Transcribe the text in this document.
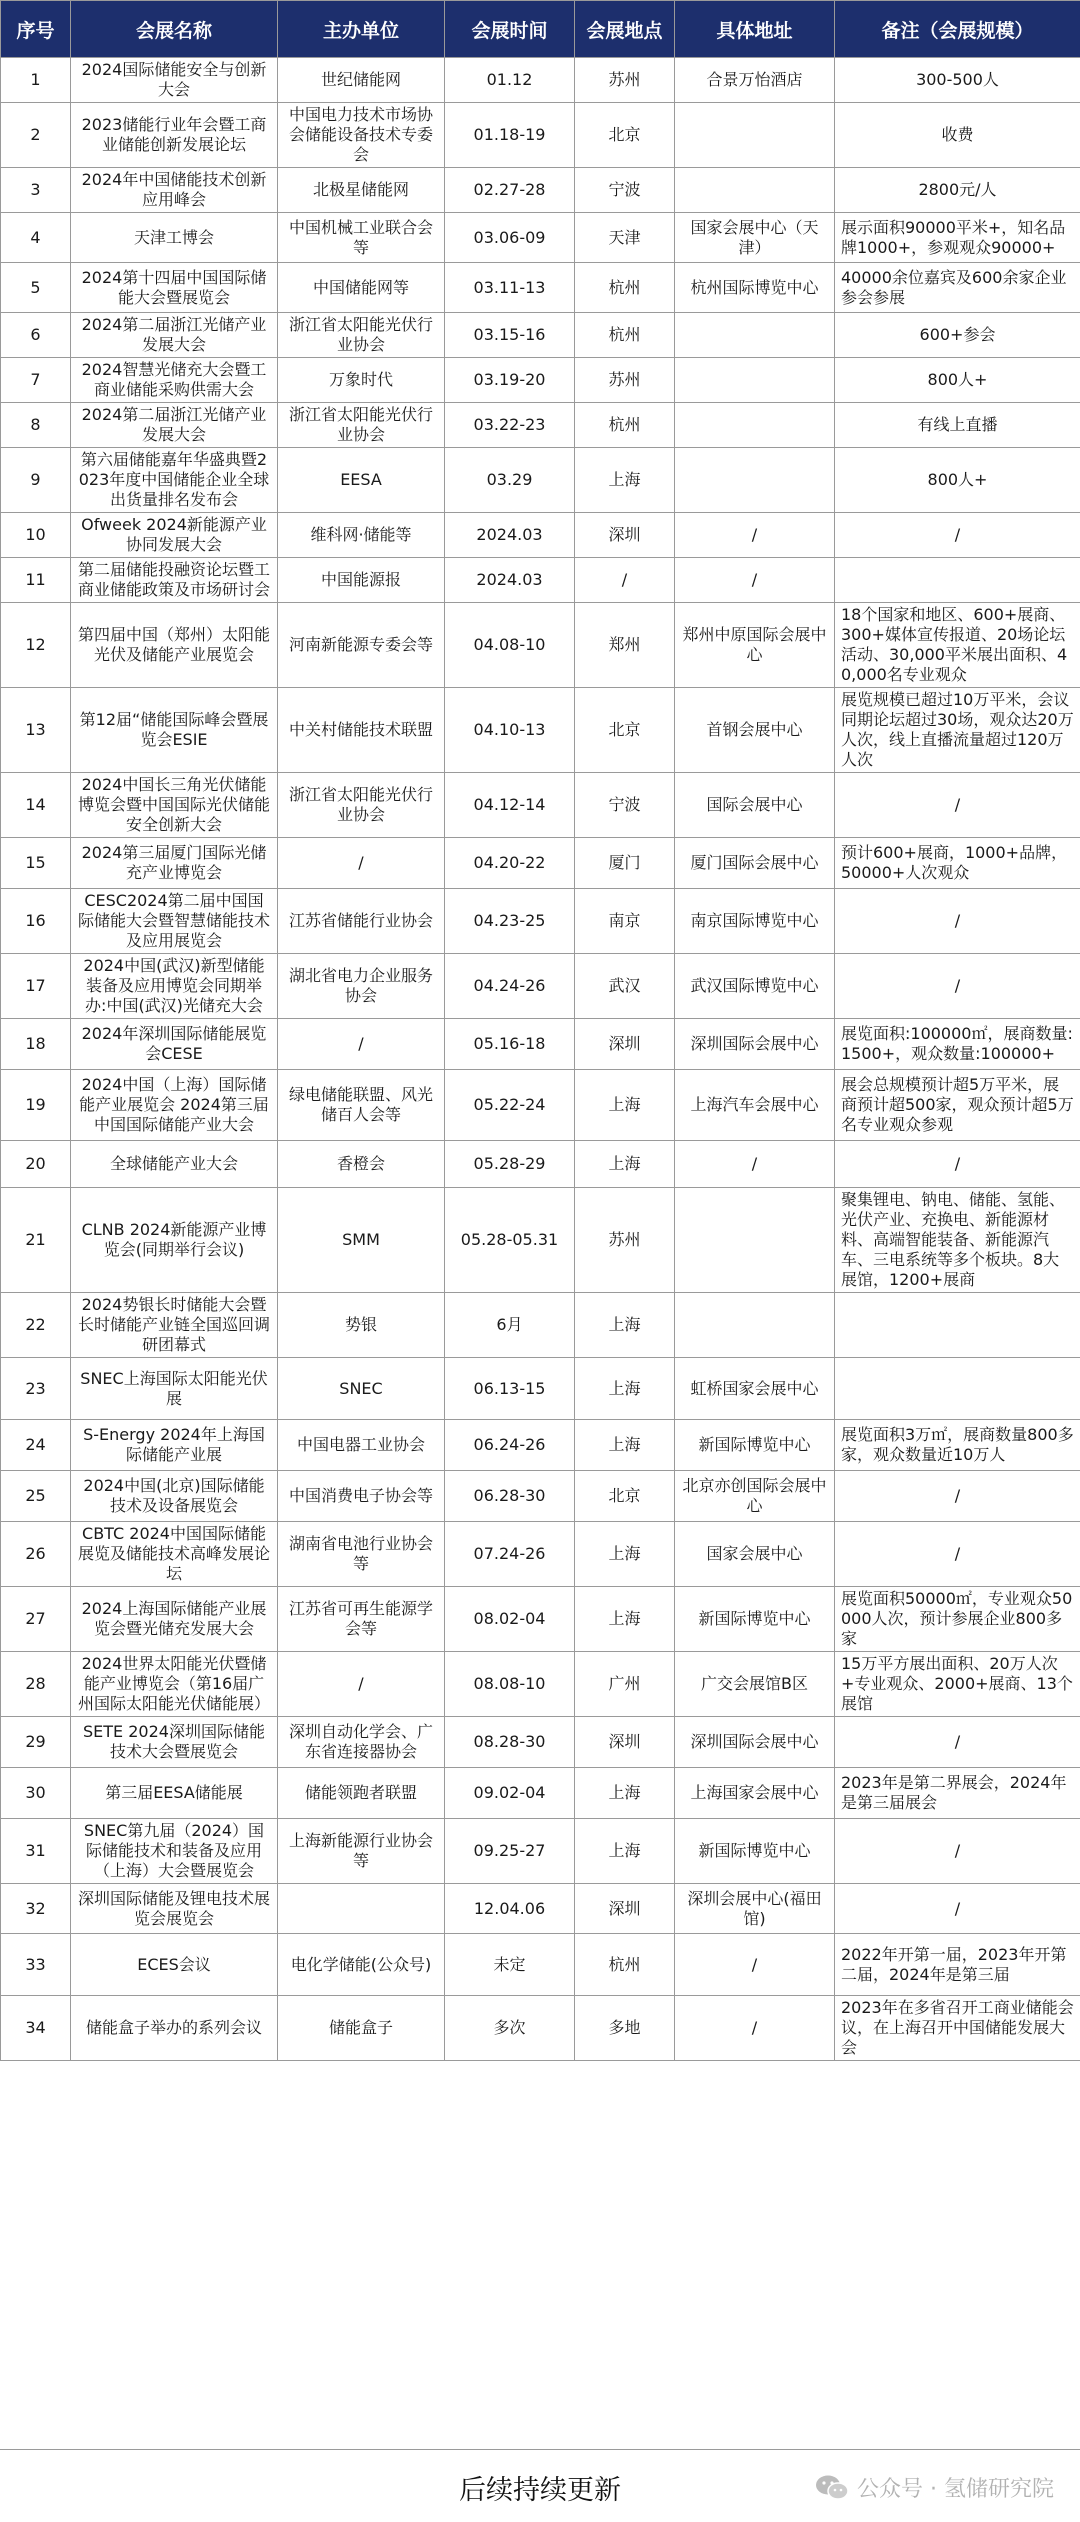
序号	会展名称	主办单位	会展时间	会展地点	具体地址	备注（会展规模）
1	2024国际储能安全与创新大会	世纪储能网	01.12	苏州	合景万怡酒店	300-500人
2	2023储能行业年会暨工商业储能创新发展论坛	中国电力技术市场协会储能设备技术专委会	01.18-19	北京		收费
3	2024年中国储能技术创新应用峰会	北极星储能网	02.27-28	宁波		2800元/人
4	天津工博会	中国机械工业联合会等	03.06-09	天津	国家会展中心（天津）	展示面积90000平米+，知名品牌1000+，参观观众90000+
5	2024第十四届中国国际储能大会暨展览会	中国储能网等	03.11-13	杭州	杭州国际博览中心	40000余位嘉宾及600余家企业参会参展
6	2024第二届浙江光储产业发展大会	浙江省太阳能光伏行业协会	03.15-16	杭州		600+参会
7	2024智慧光储充大会暨工商业储能采购供需大会	万象时代	03.19-20	苏州		800人+
8	2024第二届浙江光储产业发展大会	浙江省太阳能光伏行业协会	03.22-23	杭州		有线上直播
9	第六届储能嘉年华盛典暨2023年度中国储能企业全球出货量排名发布会	EESA	03.29	上海		800人+
10	Ofweek 2024新能源产业协同发展大会	维科网·储能等	2024.03	深圳	/	/
11	第二届储能投融资论坛暨工商业储能政策及市场研讨会	中国能源报	2024.03	/	/	
12	第四届中国（郑州）太阳能光伏及储能产业展览会	河南新能源专委会等	04.08-10	郑州	郑州中原国际会展中心	18个国家和地区、600+展商、300+媒体宣传报道、20场论坛活动、30,000平米展出面积、40,000名专业观众
13	第12届“储能国际峰会暨展览会ESIE	中关村储能技术联盟	04.10-13	北京	首钢会展中心	展览规模已超过10万平米，会议同期论坛超过30场，观众达20万人次，线上直播流量超过120万人次
14	2024中国长三角光伏储能博览会暨中国国际光伏储能安全创新大会	浙江省太阳能光伏行业协会	04.12-14	宁波	国际会展中心	/
15	2024第三届厦门国际光储充产业博览会	/	04.20-22	厦门	厦门国际会展中心	预计600+展商，1000+品牌，50000+人次观众
16	CESC2024第二届中国国际储能大会暨智慧储能技术及应用展览会	江苏省储能行业协会	04.23-25	南京	南京国际博览中心	/
17	2024中国(武汉)新型储能装备及应用博览会同期举办:中国(武汉)光储充大会	湖北省电力企业服务协会	04.24-26	武汉	武汉国际博览中心	/
18	2024年深圳国际储能展览会CESE	/	05.16-18	深圳	深圳国际会展中心	展览面积:100000㎡，展商数量:1500+，观众数量:100000+
19	2024中国（上海）国际储能产业展览会 2024第三届中国国际储能产业大会	绿电储能联盟、风光储百人会等	05.22-24	上海	上海汽车会展中心	展会总规模预计超5万平米，展商预计超500家，观众预计超5万名专业观众参观
20	全球储能产业大会	香橙会	05.28-29	上海	/	/
21	CLNB 2024新能源产业博览会(同期举行会议)	SMM	05.28-05.31	苏州		聚集锂电、钠电、储能、氢能、光伏产业、充换电、新能源材料、高端智能装备、新能源汽车、三电系统等多个板块。8大展馆，1200+展商
22	2024势银长时储能大会暨长时储能产业链全国巡回调研团幕式	势银	6月	上海		
23	SNEC上海国际太阳能光伏展	SNEC	06.13-15	上海	虹桥国家会展中心	
24	S-Energy 2024年上海国际储能产业展	中国电器工业协会	06.24-26	上海	新国际博览中心	展览面积3万㎡，展商数量800多家，观众数量近10万人
25	2024中国(北京)国际储能技术及设备展览会	中国消费电子协会等	06.28-30	北京	北京亦创国际会展中心	/
26	CBTC 2024中国国际储能展览及储能技术高峰发展论坛	湖南省电池行业协会等	07.24-26	上海	国家会展中心	/
27	2024上海国际储能产业展览会暨光储充发展大会	江苏省可再生能源学会等	08.02-04	上海	新国际博览中心	展览面积50000㎡，专业观众50000人次，预计参展企业800多家
28	2024世界太阳能光伏暨储能产业博览会（第16届广州国际太阳能光伏储能展）	/	08.08-10	广州	广交会展馆B区	15万平方展出面积、20万人次+专业观众、2000+展商、13个展馆
29	SETE 2024深圳国际储能技术大会暨展览会	深圳自动化学会、广东省连接器协会	08.28-30	深圳	深圳国际会展中心	/
30	第三届EESA储能展	储能领跑者联盟	09.02-04	上海	上海国家会展中心	2023年是第二界展会，2024年是第三届展会
31	SNEC第九届（2024）国际储能技术和装备及应用（上海）大会暨展览会	上海新能源行业协会等	09.25-27	上海	新国际博览中心	/
32	深圳国际储能及锂电技术展览会展览会		12.04.06	深圳	深圳会展中心(福田馆)	/
33	ECES会议	电化学储能(公众号)	未定	杭州	/	2022年开第一届，2023年开第二届，2024年是第三届
34	储能盒子举办的系列会议	储能盒子	多次	多地	/	2023年在多省召开工商业储能会议，在上海召开中国储能发展大会
后续持续更新	公众号 · 氢储研究院
